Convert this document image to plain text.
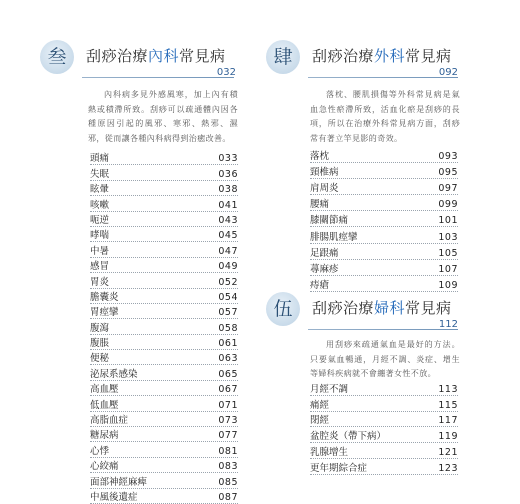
叁	刮痧治療內科常見病
032
內科病多見外感風寒，加上內有積熱或積滯所致。刮痧可以疏通體內因各種原因引起的風邪、寒邪、熱邪、濕邪，從而讓各種內科病得到治癒改善。
頭痛	033
失眠	036
眩暈	038
咳嗽	041
呃逆	043
哮喘	045
中暑	047
感冒	049
胃炎	052
膽囊炎	054
胃痙攣	057
腹瀉	058
腹脹	061
便秘	063
泌尿系感染	065
高血壓	067
低血壓	071
高脂血症	073
糖尿病	077
心悸	081
心絞痛	083
面部神經麻痺	085
中風後遺症	087
肆	刮痧治療外科常見病
092
落枕、腰肌損傷等外科常見病是氣血急性瘀滯所致，活血化瘀是刮痧的長項，所以在治療外科常見病方面，刮痧常有著立竿見影的奇效。
落枕	093
頸椎病	095
肩周炎	097
腰痛	099
膝關節痛	101
腓腸肌痙攣	103
足跟痛	105
蕁麻疹	107
痔瘡	109
伍	刮痧治療婦科常見病
112
用刮痧來疏通氣血是最好的方法。只要氣血暢通，月經不調、炎症、增生等婦科疾病就不會纏著女性不放。
月經不調	113
痛經	115
閉經	117
盆腔炎（帶下病）	119
乳腺增生	121
更年期綜合症	123
